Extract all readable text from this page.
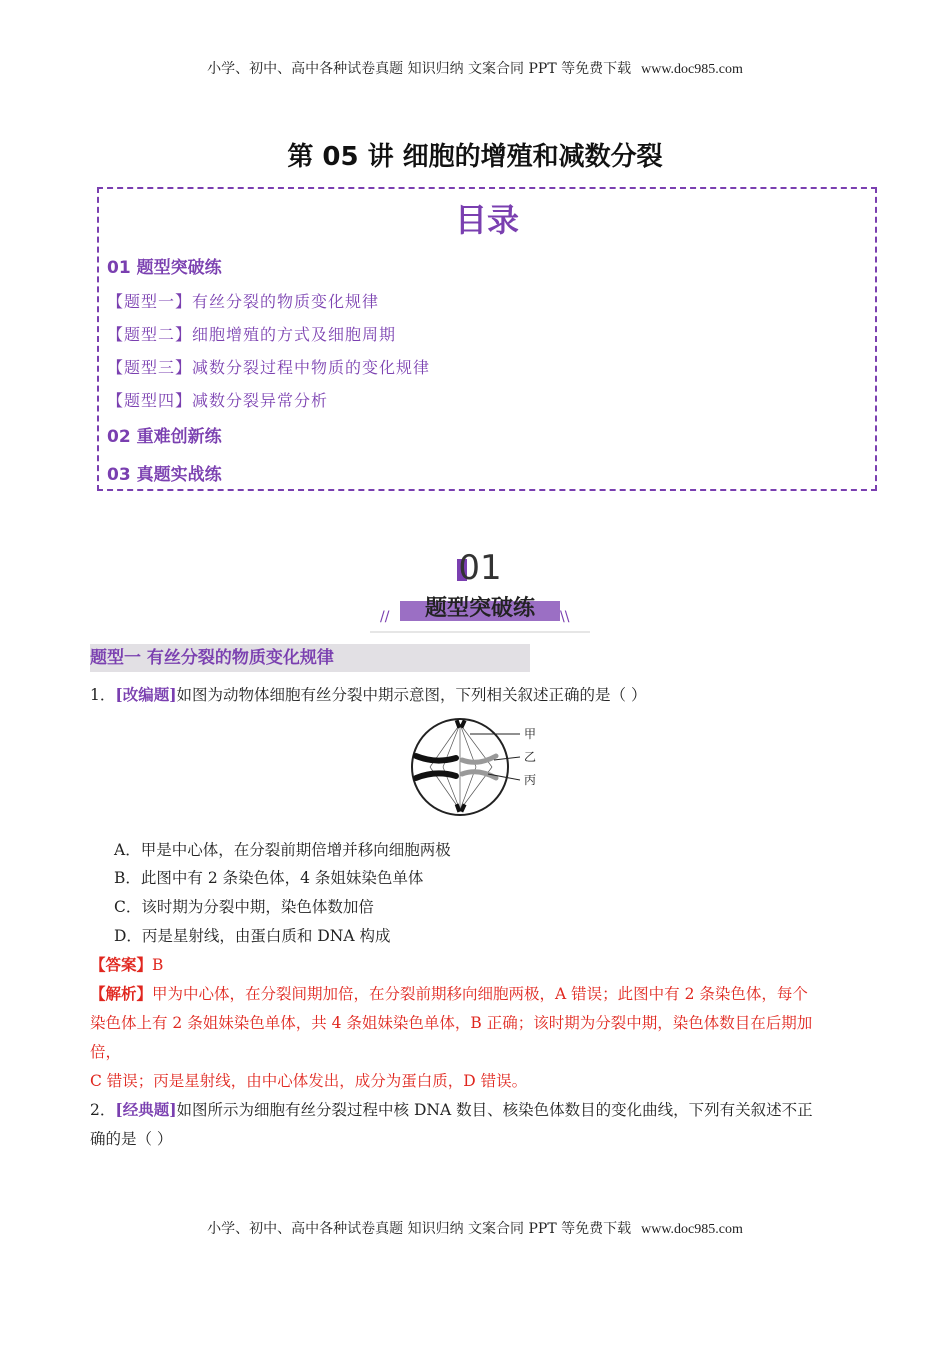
小学、初中、高中各种试卷真题 知识归纳 文案合同 PPT 等免费下载 www.doc985.com
第 05 讲 细胞的增殖和减数分裂
目录
01 题型突破练
【题型一】有丝分裂的物质变化规律
【题型二】细胞增殖的方式及细胞周期
【题型三】减数分裂过程中物质的变化规律
【题型四】减数分裂异常分析
02 重难创新练
03 真题实战练
01
题型突破练
//	\\
题型一 有丝分裂的物质变化规律
1．[改编题]如图为动物体细胞有丝分裂中期示意图，下列相关叙述正确的是（ ）
甲
乙
丙
A．甲是中心体，在分裂前期倍增并移向细胞两极
B．此图中有 2 条染色体，4 条姐妹染色单体
C．该时期为分裂中期，染色体数加倍
D．丙是星射线，由蛋白质和 DNA 构成
【答案】B
【解析】甲为中心体，在分裂间期加倍，在分裂前期移向细胞两极，A 错误；此图中有 2 条染色体，每个
染色体上有 2 条姐妹染色单体，共 4 条姐妹染色单体，B 正确；该时期为分裂中期，染色体数目在后期加
倍，
C 错误；丙是星射线，由中心体发出，成分为蛋白质，D 错误。
2．[经典题]如图所示为细胞有丝分裂过程中核 DNA 数目、核染色体数目的变化曲线，下列有关叙述不正
确的是（ ）
小学、初中、高中各种试卷真题 知识归纳 文案合同 PPT 等免费下载 www.doc985.com
